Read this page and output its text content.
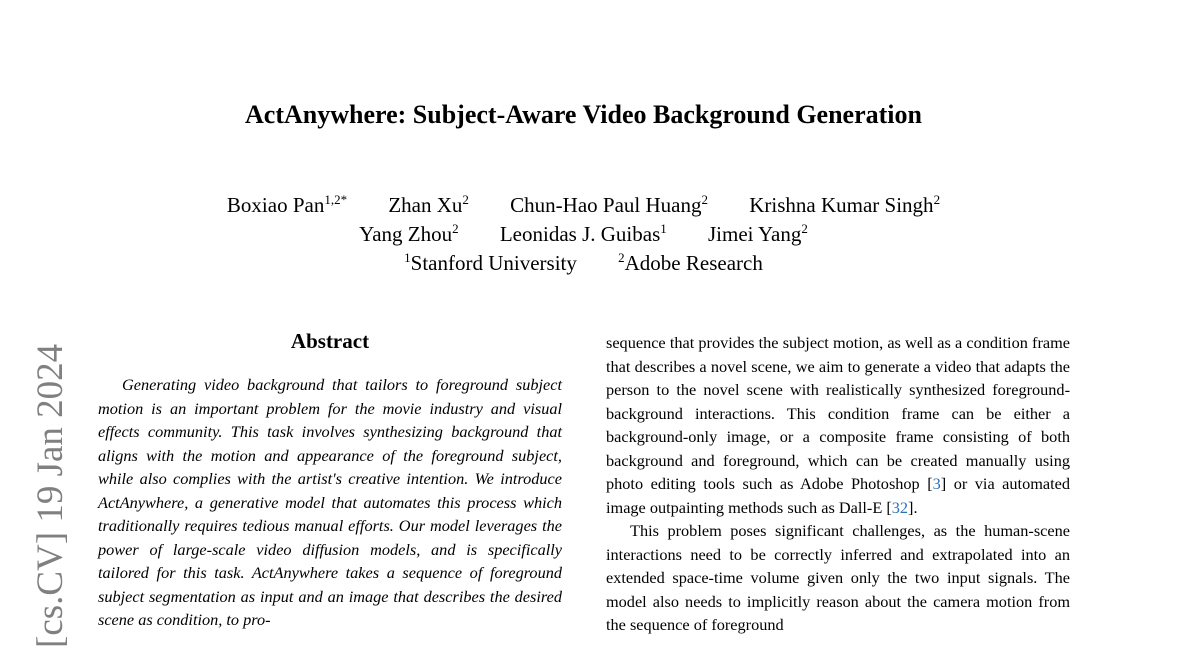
[cs.CV] 19 Jan 2024
ActAnywhere: Subject-Aware Video Background Generation
Boxiao Pan$^{1,2*}$ Zhan Xu$^2$ Chun-Hao Paul Huang$^2$ Krishna Kumar Singh$^2$
Yang Zhou$^2$ Leonidas J. Guibas$^1$ Jimei Yang$^2$
$^1$Stanford University	$^2$Adobe Research
Abstract

Generating video background that tailors to foreground subject motion is an important problem for the movie industry and visual effects community. This task involves synthesizing background that aligns with the motion and appearance of the foreground subject, while also complies with the artist's creative intention. We introduce ActAnywhere, a generative model that automates this process which traditionally requires tedious manual efforts. Our model leverages the power of large-scale video diffusion models, and is specifically tailored for this task. ActAnywhere takes a sequence of foreground subject segmentation as input and an image that describes the desired scene as condition, to pro-

sequence that provides the subject motion, as well as a condition frame that describes a novel scene, we aim to generate a video that adapts the person to the novel scene with realistically synthesized foreground-background interactions. This condition frame can be either a background-only image, or a composite frame consisting of both background and foreground, which can be created manually using photo editing tools such as Adobe Photoshop [3] or via automated image outpainting methods such as Dall-E [32].

This problem poses significant challenges, as the human-scene interactions need to be correctly inferred and extrapolated into an extended space-time volume given only the two input signals. The model also needs to implicitly reason about the camera motion from the sequence of foreground
